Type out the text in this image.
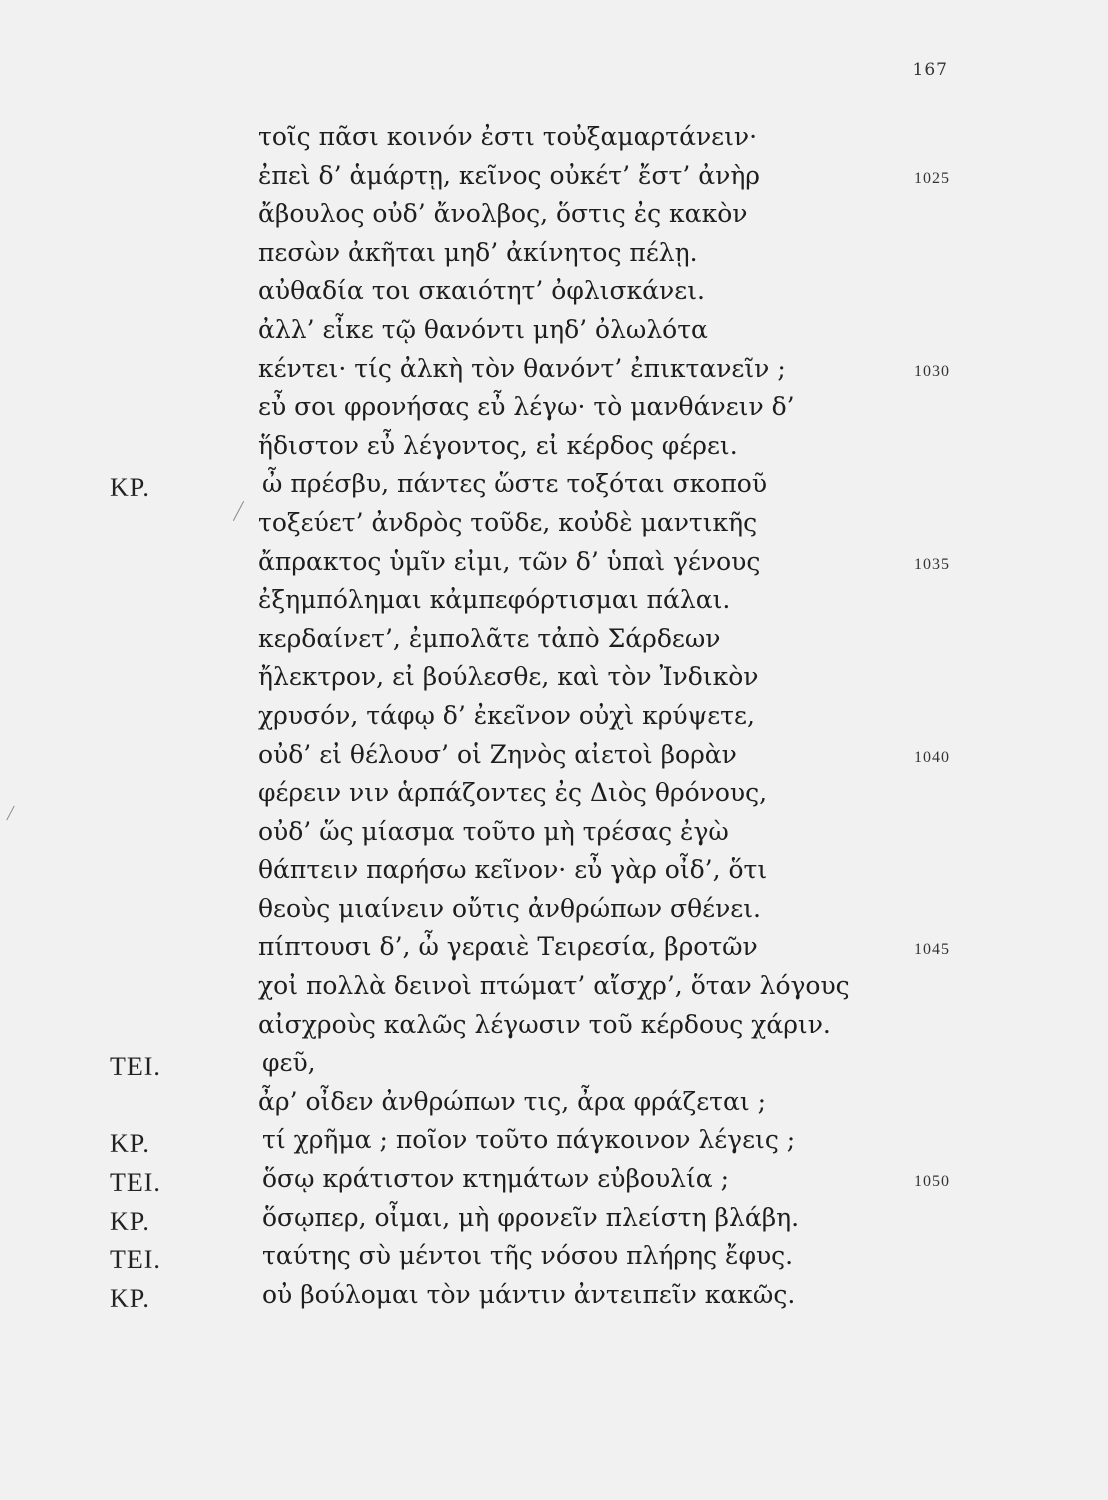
167
τοῖς πᾶσι κοινόν ἐστι τοὐξαμαρτάνειν·
ἐπεὶ δ’ ἁμάρτῃ, κεῖνος οὐκέτ’ ἔστ’ ἀνὴρ	1025
ἄβουλος οὐδ’ ἄνολβος, ὅστις ἐς κακὸν
πεσὼν ἀκῆται μηδ’ ἀκίνητος πέλῃ.
αὐθαδία τοι σκαιότητ’ ὀφλισκάνει.
ἀλλ’ εἶκε τῷ θανόντι μηδ’ ὀλωλότα
κέντει· τίς ἀλκὴ τὸν θανόντ’ ἐπικτανεῖν ;	1030
εὖ σοι φρονήσας εὖ λέγω· τὸ μανθάνειν δ’
ἥδιστον εὖ λέγοντος, εἰ κέρδος φέρει.
ΚΡ.	ὦ πρέσβυ, πάντες ὥστε τοξόται σκοποῦ
τοξεύετ’ ἀνδρὸς τοῦδε, κοὐδὲ μαντικῆς
ἄπρακτος ὑμῖν εἰμι, τῶν δ’ ὑπαὶ γένους	1035
ἐξημπόλημαι κἀμπεφόρτισμαι πάλαι.
κερδαίνετ’, ἐμπολᾶτε τἀπὸ Σάρδεων
ἤλεκτρον, εἰ βούλεσθε, καὶ τὸν Ἰνδικὸν
χρυσόν, τάφῳ δ’ ἐκεῖνον οὐχὶ κρύψετε,
οὐδ’ εἰ θέλουσ’ οἱ Ζηνὸς αἰετοὶ βορὰν	1040
φέρειν νιν ἁρπάζοντες ἐς Διὸς θρόνους,
οὐδ’ ὥς μίασμα τοῦτο μὴ τρέσας ἐγὼ
θάπτειν παρήσω κεῖνον· εὖ γὰρ οἶδ’, ὅτι
θεοὺς μιαίνειν οὔτις ἀνθρώπων σθένει.
πίπτουσι δ’, ὦ γεραιὲ Τειρεσία, βροτῶν	1045
χοἰ πολλὰ δεινοὶ πτώματ’ αἴσχρ’, ὅταν λόγους
αἰσχροὺς καλῶς λέγωσιν τοῦ κέρδους χάριν.
ΤΕΙ.	φεῦ,
ἆρ’ οἶδεν ἀνθρώπων τις, ἆρα φράζεται ;
ΚΡ.	τί χρῆμα ; ποῖον τοῦτο πάγκοινον λέγεις ;
ΤΕΙ.	ὅσῳ κράτιστον κτημάτων εὐβουλία ;	1050
ΚΡ.	ὅσῳπερ, οἶμαι, μὴ φρονεῖν πλείστη βλάβη.
ΤΕΙ.	ταύτης σὺ μέντοι τῆς νόσου πλήρης ἔφυς.
ΚΡ.	οὐ βούλομαι τὸν μάντιν ἀντειπεῖν κακῶς.
